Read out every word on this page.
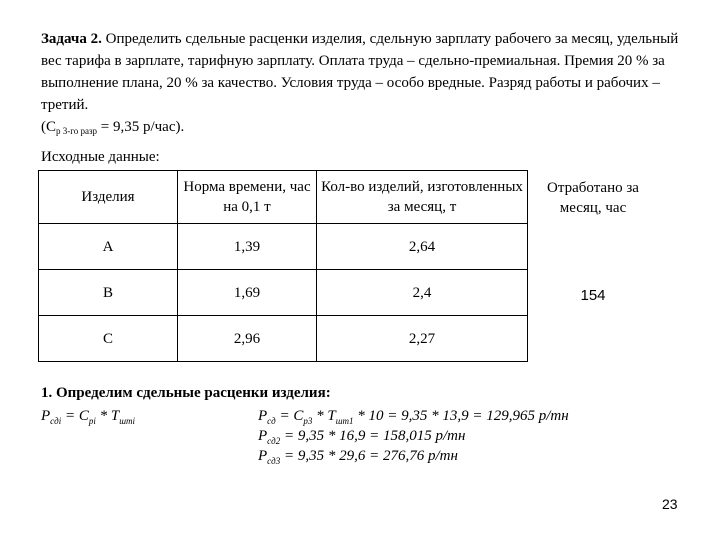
Задача 2. Определить сдельные расценки изделия, сдельную зарплату рабочего за месяц, удельный вес тарифа в зарплате, тарифную зарплату. Оплата труда – сдельно-премиальная. Премия 20 % за выполнение плана, 20 % за качество. Условия труда – особо вредные. Разряд работы и рабочих – третий.
($С_{р 3-го разр} = 9,35$ р/час).
Исходные данные:
Изделия	Норма времени, час на 0,1 т	Кол-во изделий, изготовленных за месяц, т
А	1,39	2,64
В	1,69	2,4
С	2,96	2,27
Отработано за месяц, час
154
1. Определим сдельные расценки изделия:
$P_{сдi} = С_{рi} * T_{штi}$	$Р_{сд} = С_{р3} * Т_{шт1} * 10 = 9,35 * 13,9 = 129,965$ р/тн
$Р_{сд2} = 9,35 * 16,9 = 158,015$ р/тн
$Р_{сд3} = 9,35 * 29,6 = 276,76$ р/тн
23
